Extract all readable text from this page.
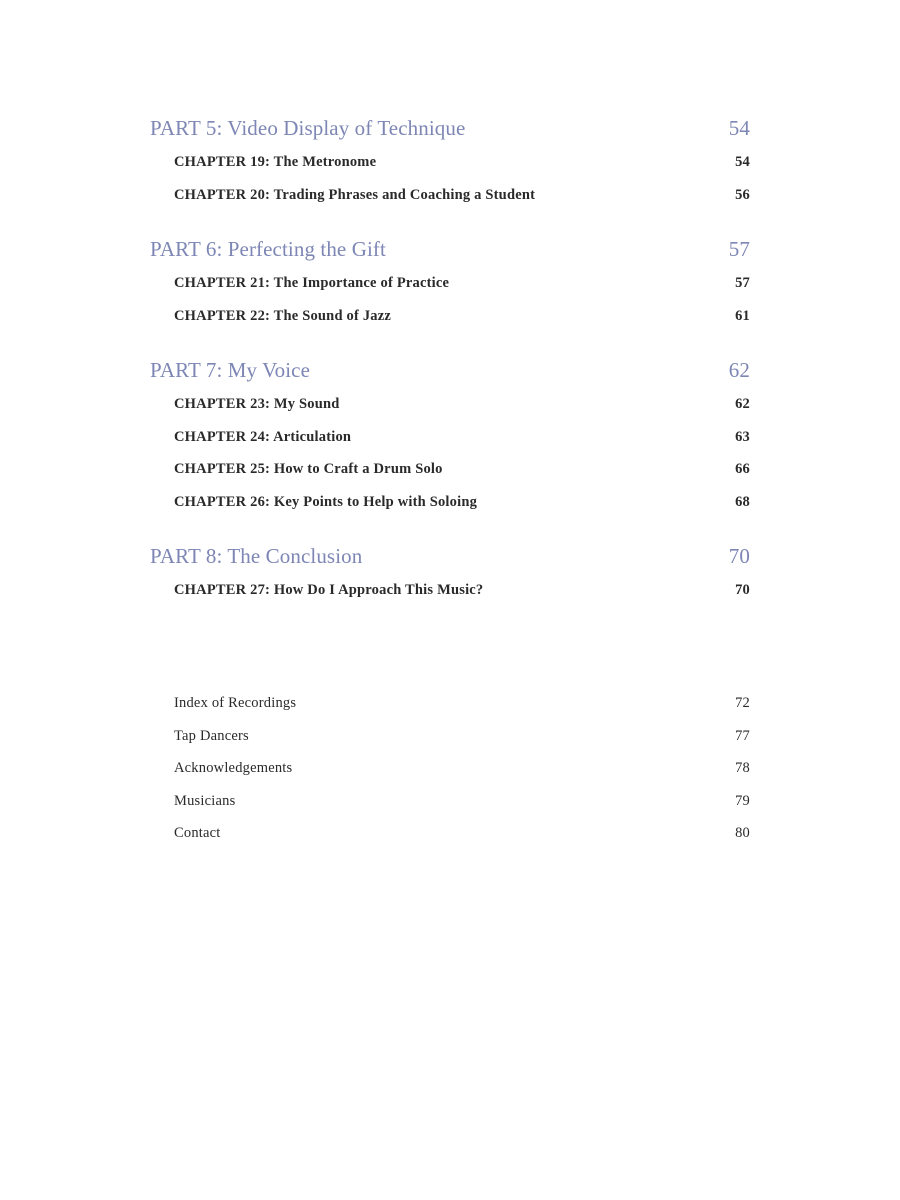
PART 5: Video Display of Technique	54
CHAPTER 19: The Metronome	54
CHAPTER 20: Trading Phrases and Coaching a Student	56
PART 6: Perfecting the Gift	57
CHAPTER 21: The Importance of Practice	57
CHAPTER 22: The Sound of Jazz	61
PART 7: My Voice	62
CHAPTER 23: My Sound	62
CHAPTER 24: Articulation	63
CHAPTER 25: How to Craft a Drum Solo	66
CHAPTER 26: Key Points to Help with Soloing	68
PART 8: The Conclusion	70
CHAPTER 27: How Do I Approach This Music?	70
Index of Recordings	72
Tap Dancers	77
Acknowledgements	78
Musicians	79
Contact	80
